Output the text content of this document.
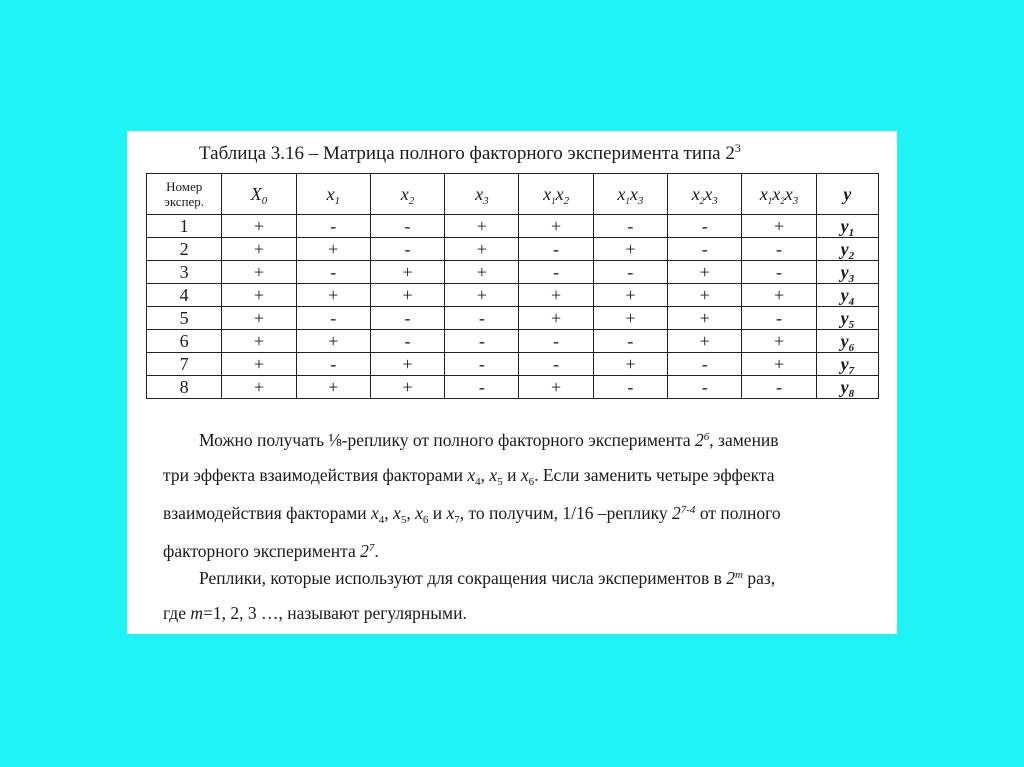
Таблица 3.16 – Матрица полного факторного эксперимента типа $2^3$
Номер
экспер.	$X_0$	$x_1$	$x_2$	$x_3$	$x_1x_2$	$x_1x_3$	$x_2x_3$	$x_1x_2x_3$	y
1	+	-	-	+	+	-	-	+	$y_1$
2	+	+	-	+	-	+	-	-	$y_2$
3	+	-	+	+	-	-	+	-	$y_3$
4	+	+	+	+	+	+	+	+	$y_4$
5	+	-	-	-	+	+	+	-	$y_5$
6	+	+	-	-	-	-	+	+	$y_6$
7	+	-	+	-	-	+	-	+	$y_7$
8	+	+	+	-	+	-	-	-	$y_8$
Можно получать ⅛-реплику от полного факторного эксперимента $2^6$, заменив
три эффекта взаимодействия факторами $x_4$, $x_5$ и $x_6$. Если заменить четыре эффекта
взаимодействия факторами $x_4$, $x_5$, $x_6$ и $x_7$, то получим, 1/16 –реплику 2$^{7-4}$ от полного
факторного эксперимента $2^7$.
Реплики, которые используют для сокращения числа экспериментов в 2$^m$ раз,
где m=1, 2, 3 …, называют регулярными.
